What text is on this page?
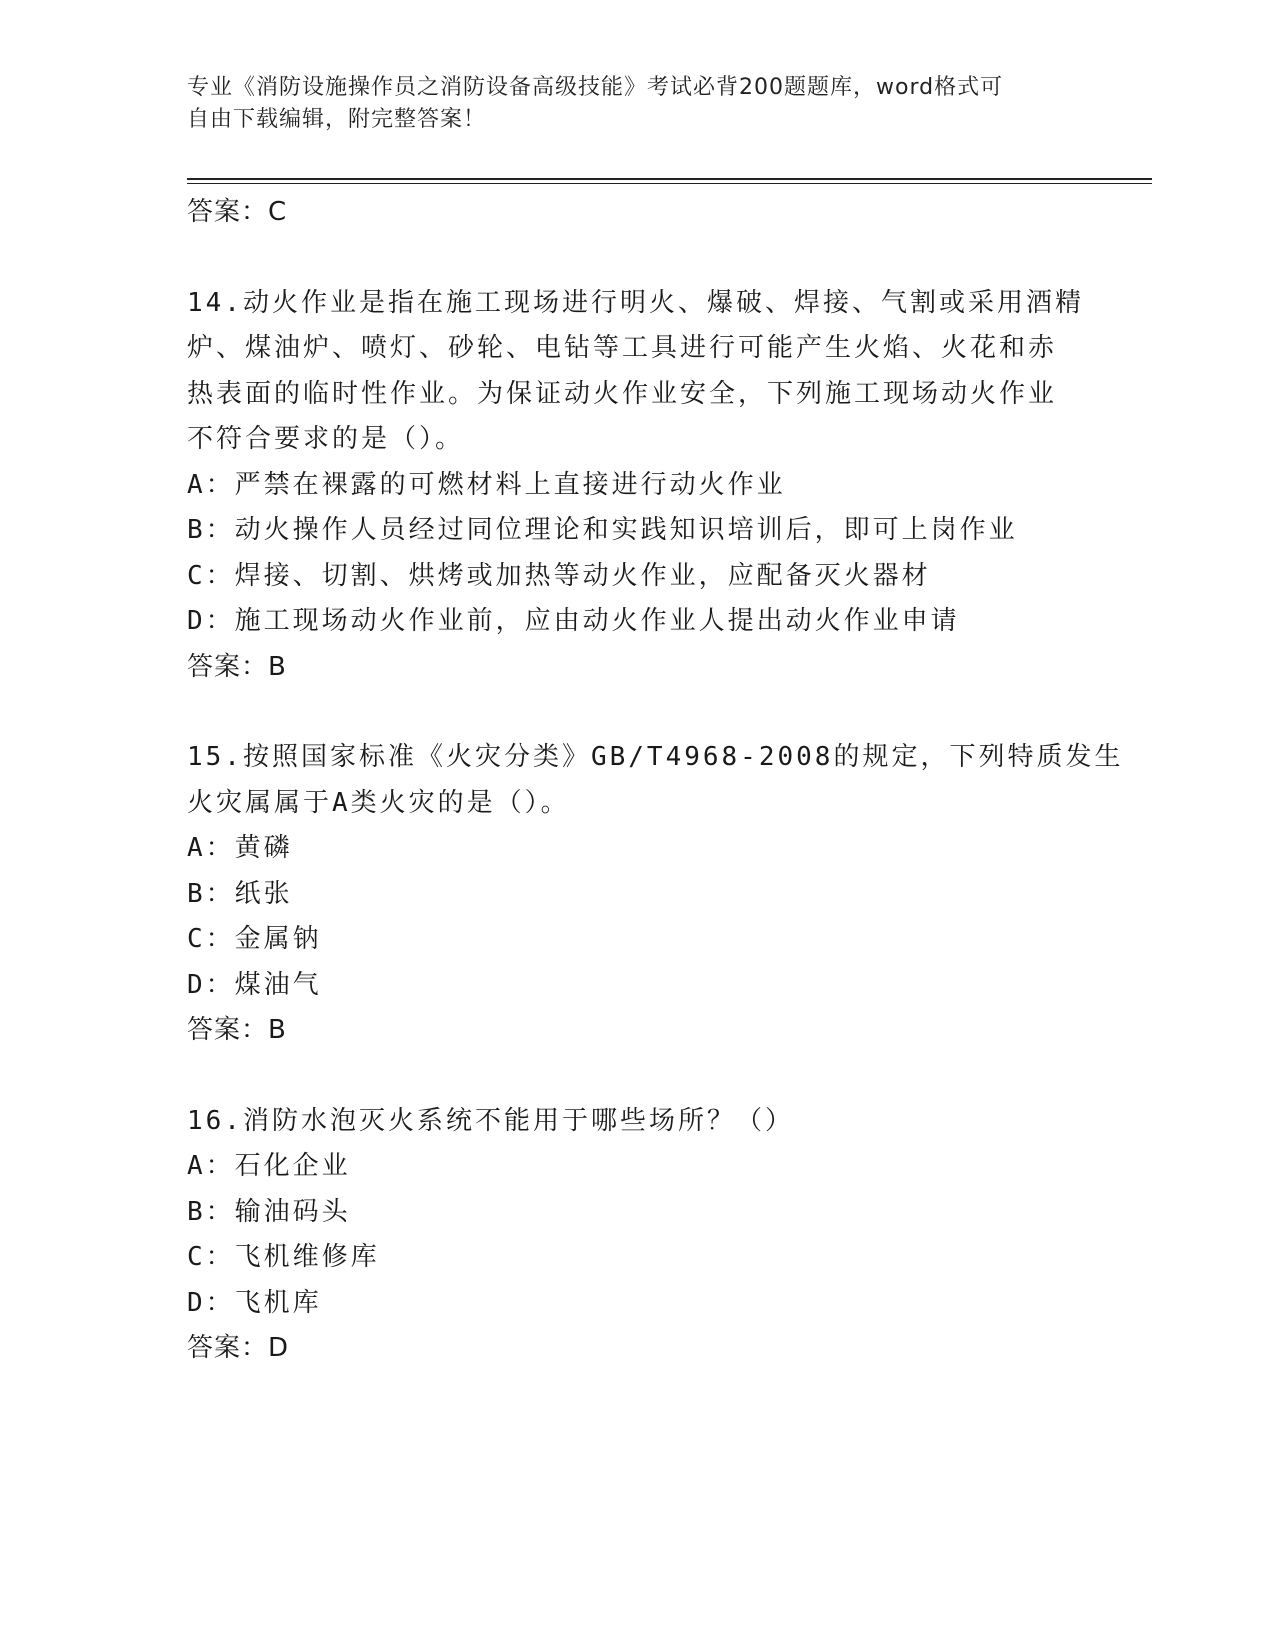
专业《消防设施操作员之消防设备高级技能》考试必背200题题库，word格式可
自由下载编辑，附完整答案！
答案：C
14.动火作业是指在施工现场进行明火、爆破、焊接、气割或采用酒精
炉、煤油炉、喷灯、砂轮、电钻等工具进行可能产生火焰、火花和赤
热表面的临时性作业。为保证动火作业安全，下列施工现场动火作业
不符合要求的是（）。
A：严禁在裸露的可燃材料上直接进行动火作业
B：动火操作人员经过同位理论和实践知识培训后，即可上岗作业
C：焊接、切割、烘烤或加热等动火作业，应配备灭火器材
D：施工现场动火作业前，应由动火作业人提出动火作业申请
答案：B
15.按照国家标准《火灾分类》GB/T4968-2008的规定，下列特质发生
火灾属属于A类火灾的是（）。
A：黄磷
B：纸张
C：金属钠
D：煤油气
答案：B
16.消防水泡灭火系统不能用于哪些场所？（）
A：石化企业
B：输油码头
C：飞机维修库
D：飞机库
答案：D
